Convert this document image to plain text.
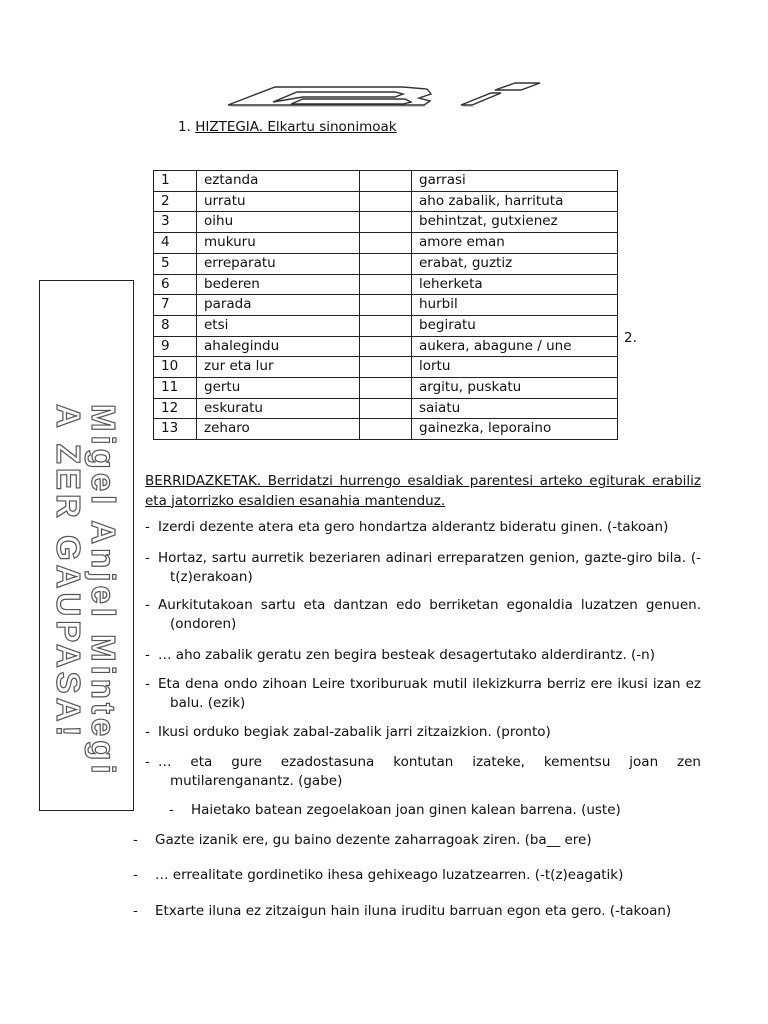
1. HIZTEGIA. Elkartu sinonimoak
1	eztanda		garrasi
2	urratu		aho zabalik, harrituta
3	oihu		behintzat, gutxienez
4	mukuru		amore eman
5	erreparatu		erabat, guztiz
6	bederen		leherketa
7	parada		hurbil
8	etsi		begiratu
9	ahalegindu		aukera, abagune / une
10	zur eta lur		lortu
11	gertu		argitu, puskatu
12	eskuratu		saiatu
13	zeharo		gainezka, leporaino
2.
A ZER GAUPASA!
Migel Anjel Mintegi BERRIDAZKETAK. Berridatzi hurrengo esaldiak parentesi arteko egiturak erabiliz eta jatorrizko esaldien esanahia mantenduz.
- Izerdi dezente atera eta gero hondartza alderantz bideratu ginen. (-takoan)
- Hortaz, sartu aurretik bezeriaren adinari erreparatzen genion, gazte-giro bila. (-t(z)erakoan)
- Aurkitutakoan sartu eta dantzan edo berriketan egonaldia luzatzen genuen. (ondoren)
- … aho zabalik geratu zen begira besteak desagertutako alderdirantz. (-n)
- Eta dena ondo zihoan Leire txoriburuak mutil ilekizkurra berriz ere ikusi izan ez balu. (ezik)
- Ikusi orduko begiak zabal-zabalik jarri zitzaizkion. (pronto)
- … eta gure ezadostasuna kontutan izateke, kementsu joan zen mutilarenganantz. (gabe)
-	Haietako batean zegoelakoan joan ginen kalean barrena. (uste)
-	Gazte izanik ere, gu baino dezente zaharragoak ziren. (ba__ ere)
-	… errealitate gordinetiko ihesa gehixeago luzatzearren. (-t(z)eagatik)
-	Etxarte iluna ez zitzaigun hain iluna iruditu barruan egon eta gero. (-takoan)
